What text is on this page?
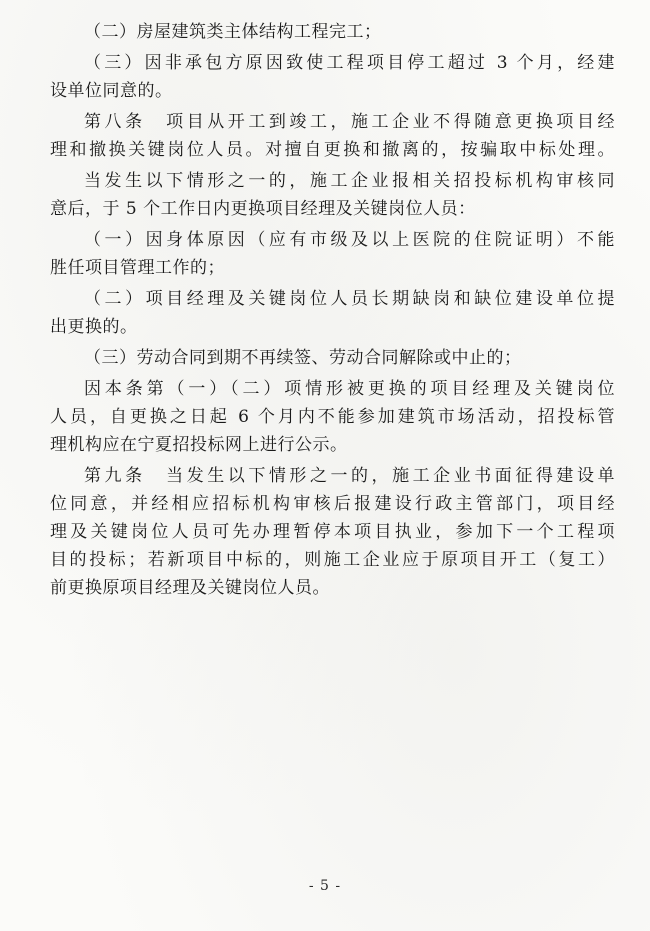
（二）房屋建筑类主体结构工程完工；
（三）因非承包方原因致使工程项目停工超过 3 个月，经建
设单位同意的。
第八条　项目从开工到竣工，施工企业不得随意更换项目经
理和撤换关键岗位人员。对擅自更换和撤离的，按骗取中标处理。
当发生以下情形之一的，施工企业报相关招投标机构审核同
意后，于 5 个工作日内更换项目经理及关键岗位人员：
（一）因身体原因（应有市级及以上医院的住院证明）不能
胜任项目管理工作的；
（二）项目经理及关键岗位人员长期缺岗和缺位建设单位提
出更换的。
（三）劳动合同到期不再续签、劳动合同解除或中止的；
因本条第（一）（二）项情形被更换的项目经理及关键岗位
人员，自更换之日起 6 个月内不能参加建筑市场活动，招投标管
理机构应在宁夏招投标网上进行公示。
第九条　当发生以下情形之一的，施工企业书面征得建设单
位同意，并经相应招标机构审核后报建设行政主管部门，项目经
理及关键岗位人员可先办理暂停本项目执业，参加下一个工程项
目的投标；若新项目中标的，则施工企业应于原项目开工（复工）
前更换原项目经理及关键岗位人员。
- 5 -
